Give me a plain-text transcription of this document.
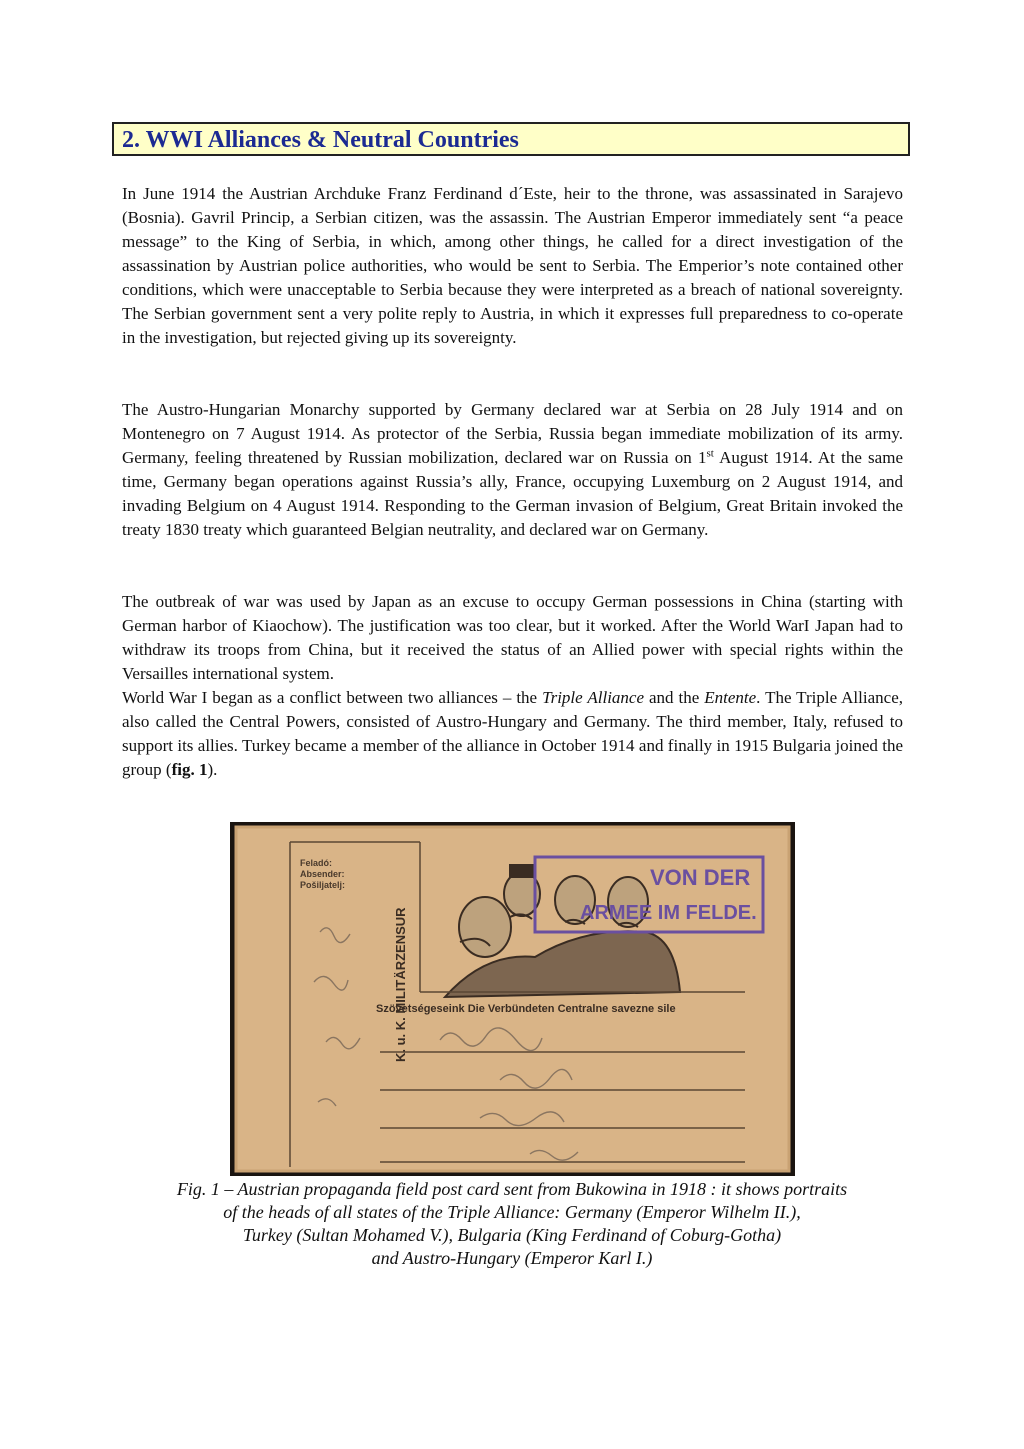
2. WWI Alliances & Neutral Countries

In June 1914 the Austrian Archduke Franz Ferdinand d´Este, heir to the throne, was assassinated in Sarajevo (Bosnia). Gavril Princip, a Serbian citizen, was the assassin. The Austrian Emperor immediately sent “a peace message” to the King of Serbia, in which, among other things, he called for a direct investigation of the assassination by Austrian police authorities, who would be sent to Serbia. The Emperior’s note contained other conditions, which were unacceptable to Serbia because they were interpreted as a breach of national sovereignty. The Serbian government sent a very polite reply to Austria, in which it expresses full preparedness to co-operate in the investigation, but rejected giving up its sovereignty.

The Austro-Hungarian Monarchy supported by Germany declared war at Serbia on 28 July 1914 and on Montenegro on 7 August 1914. As protector of the Serbia, Russia began immediate mobilization of its army. Germany, feeling threatened by Russian mobilization, declared war on Russia on 1st August 1914. At the same time, Germany began operations against Russia’s ally, France, occupying Luxemburg on 2 August 1914, and invading Belgium on 4 August 1914. Responding to the German invasion of Belgium, Great Britain invoked the treaty 1830 treaty which guaranteed Belgian neutrality, and declared war on Germany.

The outbreak of war was used by Japan as an excuse to occupy German possessions in China (starting with German harbor of Kiaochow). The justification was too clear, but it worked. After the World WarI Japan had to withdraw its troops from China, but it received the status of an Allied power with special rights within the Versailles international system.
World War I began as a conflict between two alliances – the Triple Alliance and the Entente. The Triple Alliance, also called the Central Powers, consisted of Austro-Hungary and Germany. The third member, Italy, refused to support its allies. Turkey became a member of the alliance in October 1914 and finally in 1915 Bulgaria joined the group (fig. 1).
Feladó:
Absender:
Pošiljatelj:
K. u. K. MILITÄRZENSUR
VON DER
ARMEE IM FELDE.
Szövetségeseink Die Verbündeten Centralne savezne sile
Fig. 1 – Austrian propaganda field post card sent from Bukowina in 1918 : it shows portraits
of the heads of all states of the Triple Alliance: Germany (Emperor Wilhelm II.),
Turkey (Sultan Mohamed V.), Bulgaria (King Ferdinand of Coburg-Gotha)
and Austro-Hungary (Emperor Karl I.)
